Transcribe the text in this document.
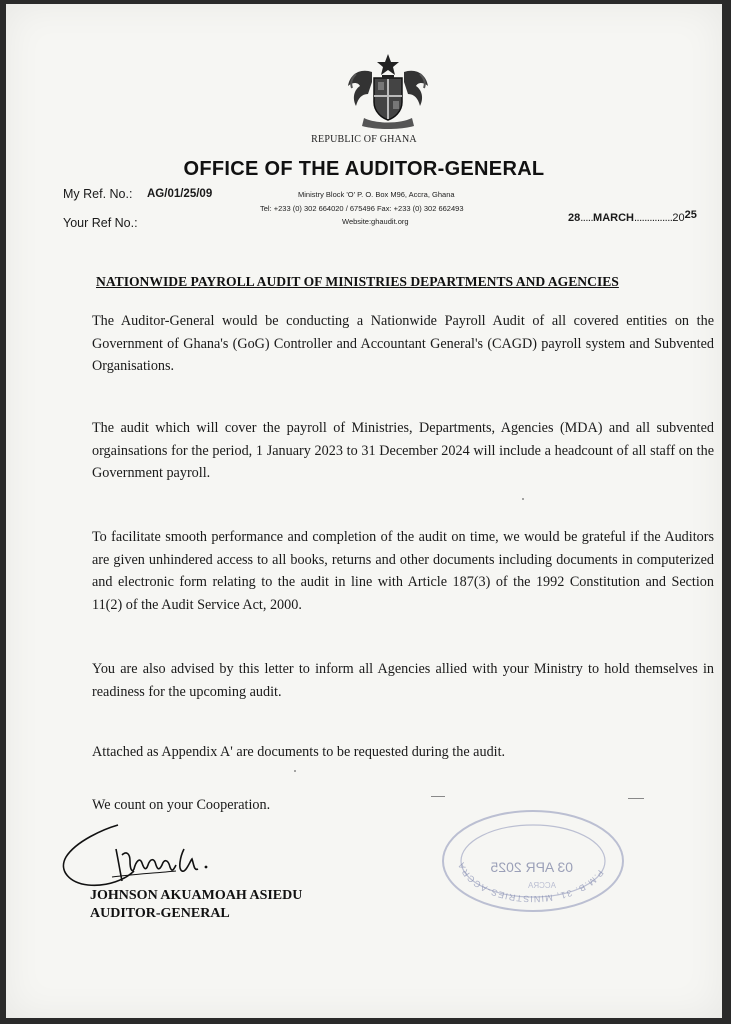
REPUBLIC OF GHANA
OFFICE OF THE AUDITOR-GENERAL
My Ref. No.: AG/01/25/09
Your Ref No.:
Ministry Block 'O' P. O. Box M96, Accra, Ghana
Tel: +233 (0) 302 664020 / 675496 Fax: +233 (0) 302 662493
Website:ghaudit.org	28.....MARCH...............2025
NATIONWIDE PAYROLL AUDIT OF MINISTRIES DEPARTMENTS AND AGENCIES
The Auditor-General would be conducting a Nationwide Payroll Audit of all covered entities on the Government of Ghana's (GoG) Controller and Accountant General's (CAGD) payroll system and Subvented Organisations.
The audit which will cover the payroll of Ministries, Departments, Agencies (MDA) and all subvented orgainsations for the period, 1 January 2023 to 31 December 2024 will include a headcount of all staff on the Government payroll.
To facilitate smooth performance and completion of the audit on time, we would be grateful if the Auditors are given unhindered access to all books, returns and other documents including documents in computerized and electronic form relating to the audit in line with Article 187(3) of the 1992 Constitution and Section 11(2) of the Audit Service Act, 2000.
You are also advised by this letter to inform all Agencies allied with your Ministry to hold themselves in readiness for the upcoming audit.
Attached as Appendix A' are documents to be requested during the audit.
We count on your Cooperation.
JOHNSON AKUAMOAH ASIEDU
AUDITOR-GENERAL
P.M.B. 31, MINISTRIES-ACCRA	03 APR 2025
ACCRA
